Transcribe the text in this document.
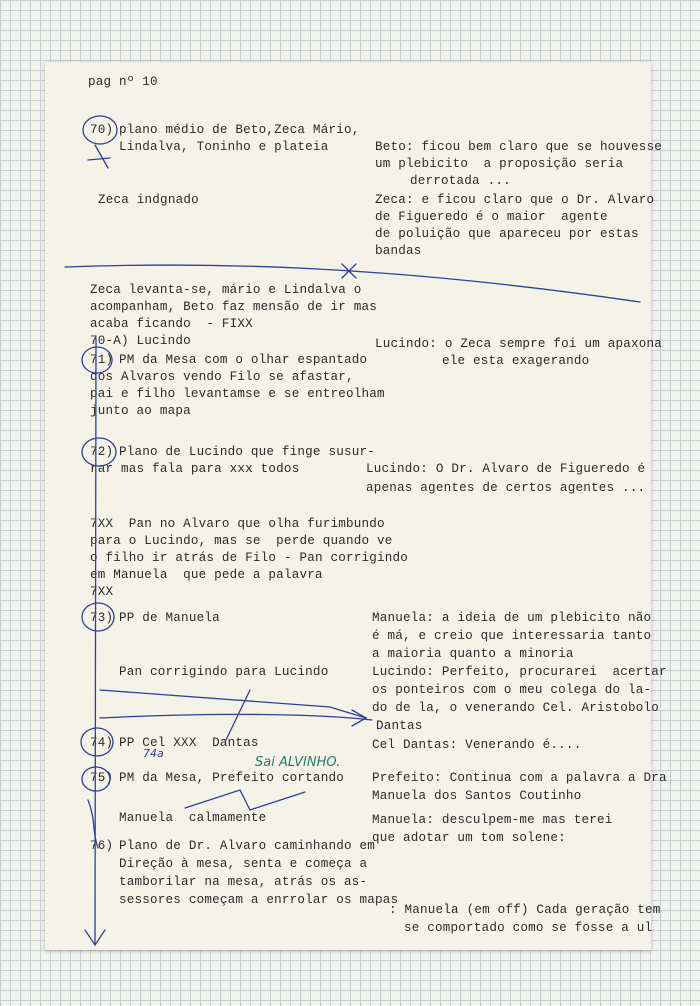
pag nº 10
70) plano médio de Beto,Zeca Mário,
Lindalva, Toninho e plateia
Zeca indgnado
Zeca levanta-se, mário e Lindalva o
acompanham, Beto faz mensão de ir mas
acaba ficando  - FIXX
70-A) Lucindo
71) PM da Mesa com o olhar espantado
dos Alvaros vendo Filo se afastar,
pai e filho levantamse e se entreolham
junto ao mapa
72) Plano de Lucindo que finge susur-
rar mas fala para xxx todos
7XX  Pan no Alvaro que olha furimbundo
para o Lucindo, mas se  perde quando ve
o filho ir atrás de Filo - Pan corrigindo
em Manuela  que pede a palavra
7XX
73) PP de Manuela
Pan corrigindo para Lucindo
74) PP Cel XXX  Dantas
75) PM da Mesa, Prefeito cortando
Manuela  calmamente
76) Plano de Dr. Alvaro caminhando em
Direção à mesa, senta e começa a
tamborilar na mesa, atrás os as-
sessores começam a enrrolar os mapas
Beto: ficou bem claro que se houvesse
um plebicito  a proposição seria
derrotada ...
Zeca: e ficou claro que o Dr. Alvaro
de Figueredo é o maior  agente
de poluição que apareceu por estas
bandas
Lucindo: o Zeca sempre foi um apaxona
ele esta exagerando
Lucindo: O Dr. Alvaro de Figueredo é
apenas agentes de certos agentes ...
Manuela: a ideia de um plebicito não
é má, e creio que interessaria tanto
a maioria quanto a minoria
Lucindo: Perfeito, procurarei  acertar
os ponteiros com o meu colega do la-
do de la, o venerando Cel. Aristobolo
Dantas
Cel Dantas: Venerando é....
Prefeito: Continua com a palavra a Dra
Manuela dos Santos Coutinho
Manuela: desculpem-me mas terei
que adotar um tom solene:
: Manuela (em off) Cada geração tem
se comportado como se fosse a ul
74a
Sai ALVINHO.
